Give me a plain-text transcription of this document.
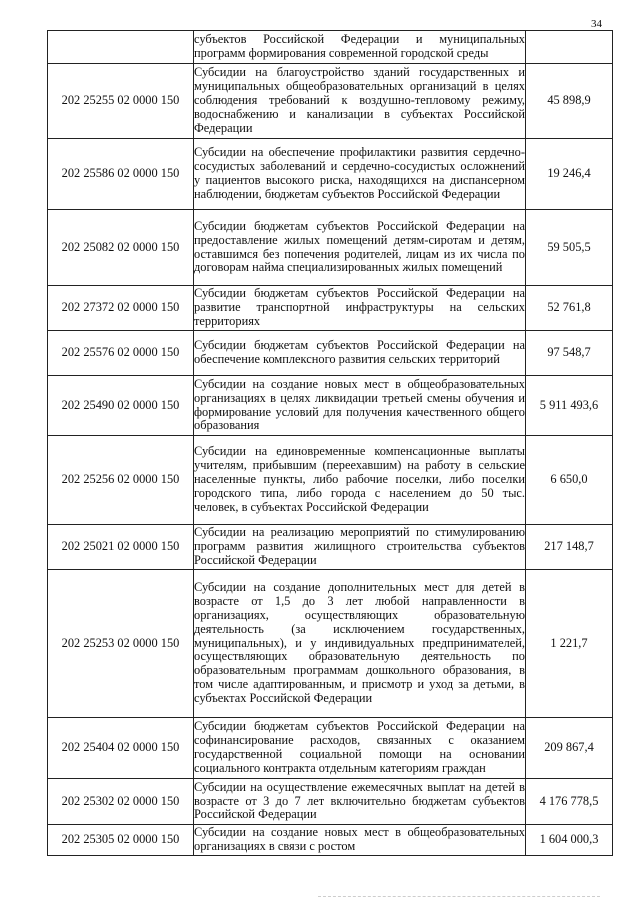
34
	субъектов Российской Федерации и муниципальных программ формирования современной городской среды	
202 25255 02 0000 150	Субсидии на благоустройство зданий государственных и муниципальных общеобразовательных организаций в целях соблюдения требований к воздушно-тепловому режиму, водоснабжению и канализации в субъектах Российской Федерации	45 898,9
202 25586 02 0000 150	Субсидии на обеспечение профилактики развития сердечно-сосудистых заболеваний и сердечно-сосудистых осложнений у пациентов высокого риска, находящихся на диспансерном наблюдении, бюджетам субъектов Российской Федерации	19 246,4
202 25082 02 0000 150	Субсидии бюджетам субъектов Российской Федерации на предоставление жилых помещений детям-сиротам и детям, оставшимся без попечения родителей, лицам из их числа по договорам найма специализированных жилых помещений	59 505,5
202 27372 02 0000 150	Субсидии бюджетам субъектов Российской Федерации на развитие транспортной инфраструктуры на сельских территориях	52 761,8
202 25576 02 0000 150	Субсидии бюджетам субъектов Российской Федерации на обеспечение комплексного развития сельских территорий	97 548,7
202 25490 02 0000 150	Субсидии на создание новых мест в общеобразовательных организациях в целях ликвидации третьей смены обучения и формирование условий для получения качественного общего образования	5 911 493,6
202 25256 02 0000 150	Субсидии на единовременные компенсационные выплаты учителям, прибывшим (переехавшим) на работу в сельские населенные пункты, либо рабочие поселки, либо поселки городского типа, либо города с населением до 50 тыс. человек, в субъектах Российской Федерации	6 650,0
202 25021 02 0000 150	Субсидии на реализацию мероприятий по стимулированию программ развития жилищного строительства субъектов Российской Федерации	217 148,7
202 25253 02 0000 150	Субсидии на создание дополнительных мест для детей в возрасте от 1,5 до 3 лет любой направленности в организациях, осуществляющих образовательную деятельность (за исключением государственных, муниципальных), и у индивидуальных предпринимателей, осуществляющих образовательную деятельность по образовательным программам дошкольного образования, в том числе адаптированным, и присмотр и уход за детьми, в субъектах Российской Федерации	1 221,7
202 25404 02 0000 150	Субсидии бюджетам субъектов Российской Федерации на софинансирование расходов, связанных с оказанием государственной социальной помощи на основании социального контракта отдельным категориям граждан	209 867,4
202 25302 02 0000 150	Субсидии на осуществление ежемесячных выплат на детей в возрасте от 3 до 7 лет включительно бюджетам субъектов Российской Федерации	4 176 778,5
202 25305 02 0000 150	Субсидии на создание новых мест в общеобразовательных организациях в связи с ростом	1 604 000,3
